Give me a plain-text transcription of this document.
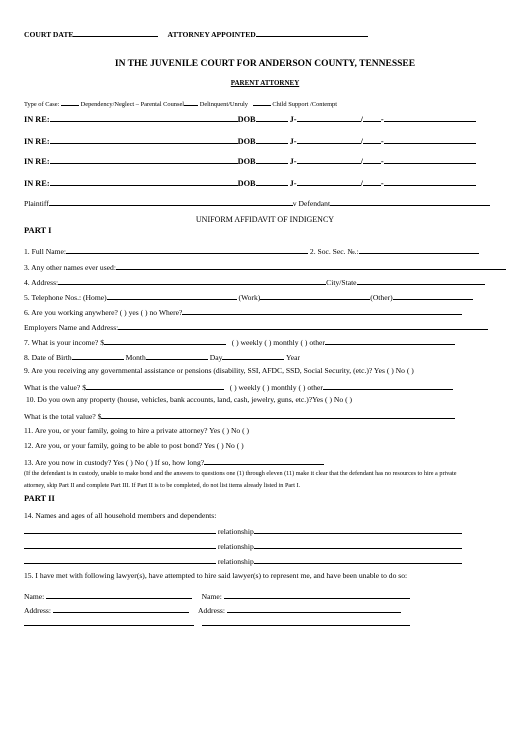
COURT DATE	ATTORNEY APPOINTED
IN THE JUVENILE COURT FOR ANDERSON COUNTY, TENNESSEE
PARENT ATTORNEY
Type of Case:	Dependency/Neglect – Parental Counsel Delinquent/Unruly	Child Support /Contempt
IN RE:	DOB	J-	/ -
IN RE:	DOB	J-	/ -
IN RE:	DOB	J-	/ -
IN RE:	DOB	J-	/ -
Plaintiff	v Defendant
UNIFORM AFFIDAVIT OF INDIGENCY
PART I
1. Full Name:	2. Soc. Sec. №.:
3. Any other names ever used:
4. Address:	City/State
5. Telephone Nos.: (Home)	(Work)	(Other)
6. Are you working anywhere? ( ) yes ( ) no Where?
Employers Name and Address:
7. What is your income? $	( ) weekly ( ) monthly ( ) other
8. Date of Birth	Month	Day	Year
9. Are you receiving any governmental assistance or pensions (disability, SSI, AFDC, SSD, Social Security, (etc.)? Yes ( ) No ( )
What is the value? $	( ) weekly ( ) monthly ( ) other
10. Do you own any property (house, vehicles, bank accounts, land, cash, jewelry, guns, etc.)?Yes ( ) No ( )
What is the total value? $
11. Are you, or your family, going to hire a private attorney? Yes ( ) No ( )
12. Are you, or your family, going to be able to post bond? Yes ( ) No ( )
13. Are you now in custody? Yes ( ) No ( ) If so, how long?
(If the defendant is in custody, unable to make bond and the answers to questions one (1) through eleven (11) make it clear that the defendant has no resources to hire a private
attorney, skip Part II and complete Part III. If Part II is to be completed, do not list items already listed in Part I.
PART II
14. Names and ages of all household members and dependents:
relationship
relationship
relationship
15. I have met with following lawyer(s), have attempted to hire said lawyer(s) to represent me, and have been unable to do so:
Name:	Name:
Address:	Address:
